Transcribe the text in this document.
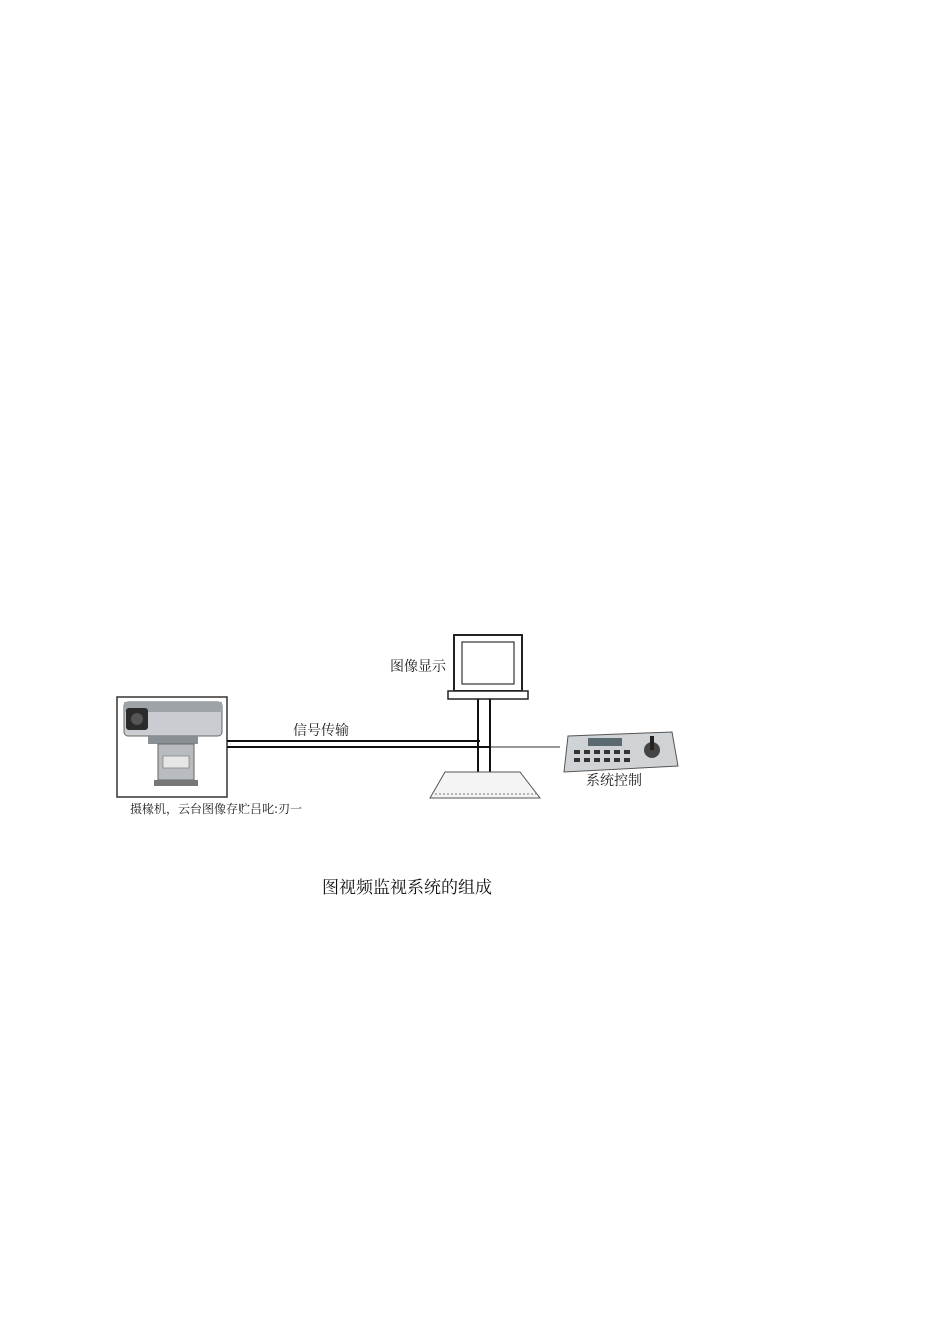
图像显示
信号传输
摄椽机，云台图像存贮吕叱:刃一
系统控制
图视频监视系统的组成
